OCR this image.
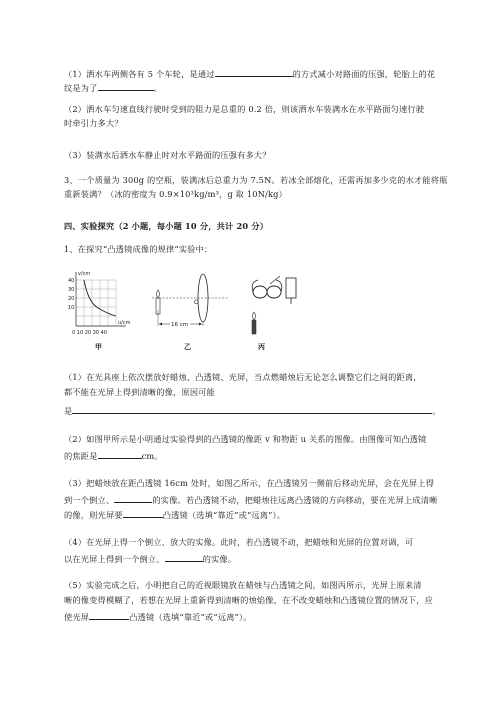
（1）洒水车两侧各有 5 个车轮，是通过	的方式减小对路面的压强，轮胎上的花
纹是为了	。
（2）洒水车匀速直线行驶时受到的阻力是总重的 0.2 倍，则该洒水车装满水在水平路面匀速行驶
时牵引力多大？
（3）装满水后洒水车静止时对水平路面的压强有多大？
3、一个质量为 300g 的空瓶，装满冰后总重力为 7.5N。若冰全部熔化，还需再加多少克的水才能将瓶
重新装满？（冰的密度为 0.9×10³kg/m³，g 取 10N/kg）
四、实验探究（2 小题，每小题 10 分，共计 20 分）
1、在探究“凸透镜成像的规律”实验中：
v/cm
u/cm
40
30
20
10
0 10 20 30 40
甲
O
16 cm
乙	丙
（1）在光具座上依次摆放好蜡烛、凸透镜、光屏，当点燃蜡烛后无论怎么调整它们之间的距离，
都不能在光屏上得到清晰的像，原因可能
是	。
（2）如图甲所示是小明通过实验得到的凸透镜的像距 v 和物距 u 关系的图像。由图像可知凸透镜
的焦距是	cm。
（3）把蜡烛放在距凸透镜 16cm 处时，如图乙所示，在凸透镜另一侧前后移动光屏，会在光屏上得
到一个倒立、	的实像。若凸透镜不动，把蜡烛往远离凸透镜的方向移动，要在光屏上成清晰
的像，则光屏要	凸透镜（选填“靠近”或“远离”）。
（4）在光屏上得一个倒立、放大的实像。此时，若凸透镜不动，把蜡烛和光屏的位置对调，可
以在光屏上得到一个倒立、	的实像。
（5）实验完成之后，小明把自己的近视眼镜放在蜡烛与凸透镜之间，如图丙所示，光屏上原来清
晰的像变得模糊了，若想在光屏上重新得到清晰的烛焰像，在不改变蜡烛和凸透镜位置的情况下，应
使光屏	凸透镜（选填“靠近”或“远离”）。
